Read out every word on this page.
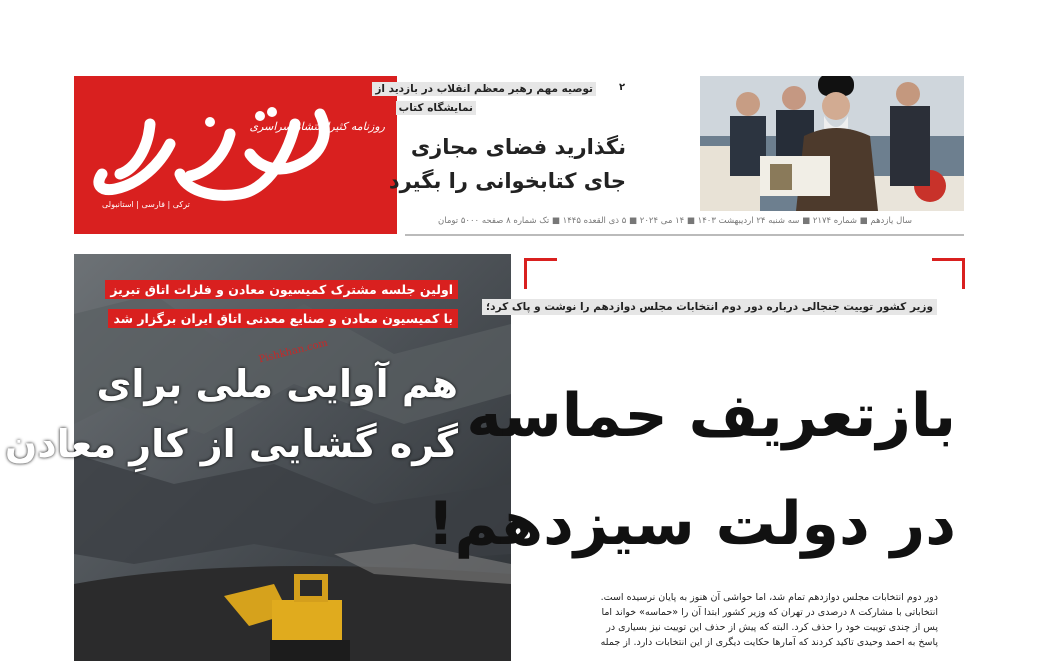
روزنامه کثیرالانتشار سراسری
ترکی | فارسی | استانبولی
۲
توصیه مهم رهبر معظم انقلاب در بازدید از
نمایشگاه کتاب
نگذارید فضای مجازی
جای کتابخوانی را بگیرد
سال یازدهم ■ شماره ۲۱۷۴ ■ سه شنبه ۲۴ اردیبهشت ۱۴۰۳ ■ ۱۴ می ۲۰۲۴ ■ ۵ ذی القعده ۱۴۴۵ ■ تک شماره ۸ صفحه ۵۰۰۰ تومان
اولین جلسه مشترک کمیسیون معادن و فلزات اتاق تبریز
با کمیسیون معادن و صنایع معدنی اتاق ایران برگزار شد
هم آوایی ملی برای
گره گشایی از کارِ معادن
Pishkhan.com
وزیر کشور توییت جنجالی درباره دور دوم انتخابات مجلس دوازدهم را نوشت و پاک کرد؛
بازتعریف حماسه
در دولت سیزدهم!
دور دوم انتخابات مجلس دوازدهم تمام شد، اما حواشی آن هنوز به پایان نرسیده است.
انتخاباتی با مشارکت ۸ درصدی در تهران که وزیر کشور ابتدا آن را «حماسه» خواند اما
پس از چندی توییت خود را حذف کرد. البته که پیش از حذف این توییت نیز بسیاری در
پاسخ به احمد وحیدی تاکید کردند که آمارها حکایت دیگری از این انتخابات دارد. از جمله
